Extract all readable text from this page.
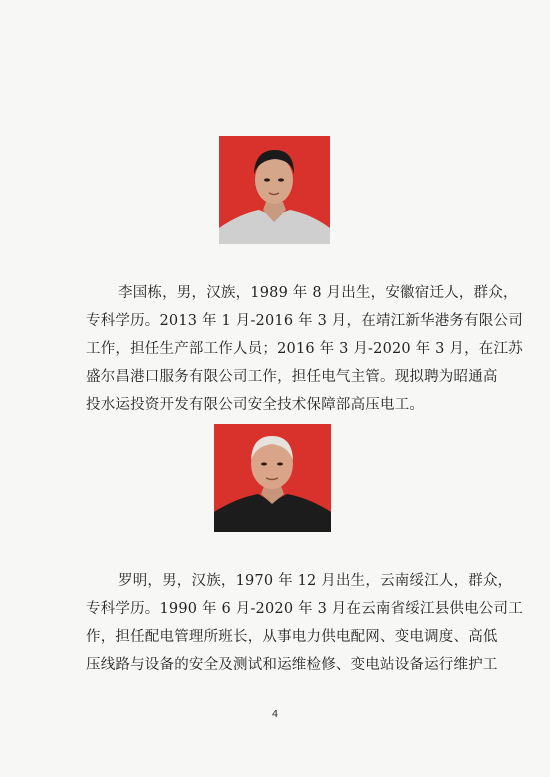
李国栋，男，汉族，1989 年 8 月出生，安徽宿迁人，群众，
专科学历。2013 年 1 月-2016 年 3 月，在靖江新华港务有限公司
工作，担任生产部工作人员；2016 年 3 月-2020 年 3 月，在江苏
盛尔昌港口服务有限公司工作，担任电气主管。现拟聘为昭通高
投水运投资开发有限公司安全技术保障部高压电工。
罗明，男，汉族，1970 年 12 月出生，云南绥江人，群众，
专科学历。1990 年 6 月-2020 年 3 月在云南省绥江县供电公司工
作，担任配电管理所班长，从事电力供电配网、变电调度、高低
压线路与设备的安全及测试和运维检修、变电站设备运行维护工
4
